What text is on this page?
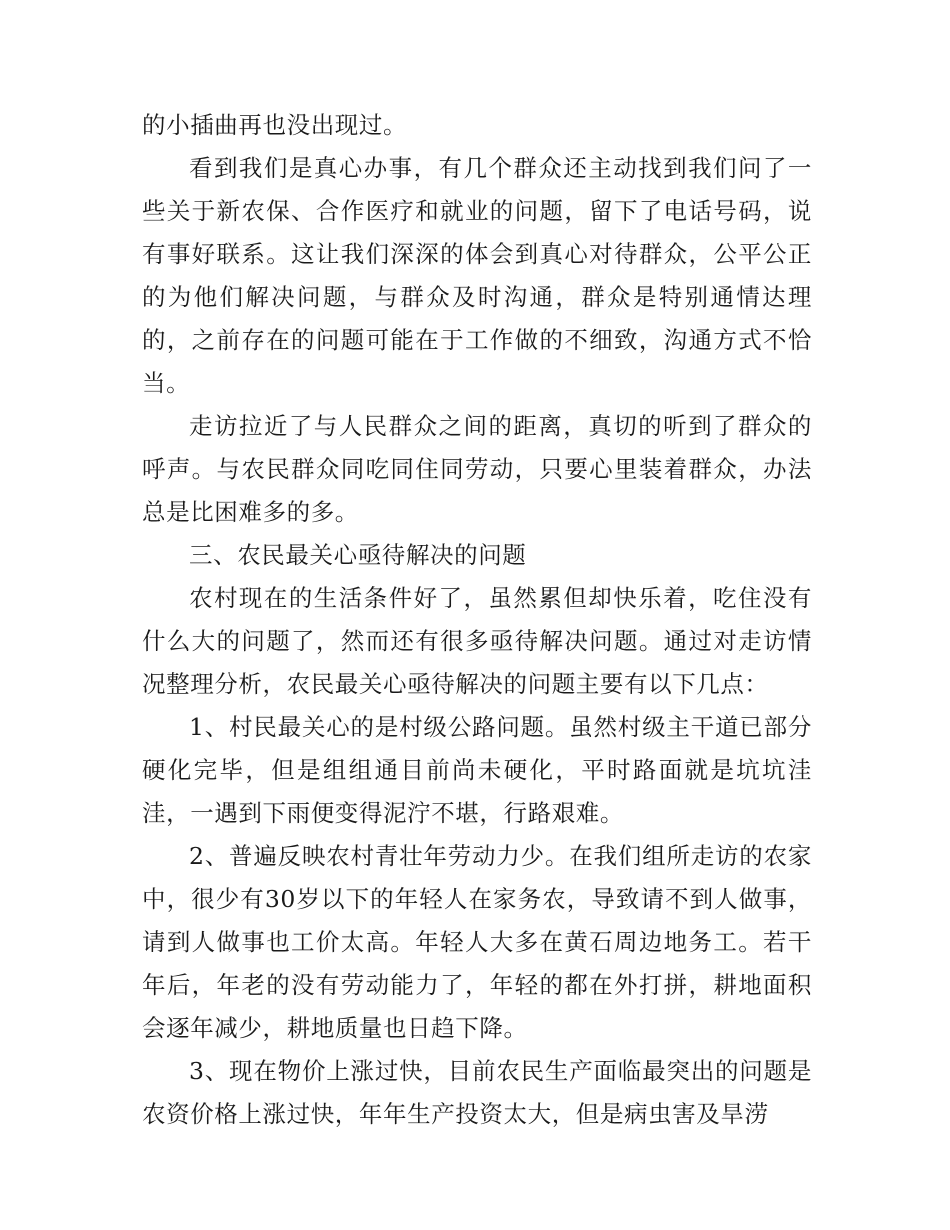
的小插曲再也没出现过。

看到我们是真心办事，有几个群众还主动找到我们问了一些关于新农保、合作医疗和就业的问题，留下了电话号码，说有事好联系。这让我们深深的体会到真心对待群众，公平公正的为他们解决问题，与群众及时沟通，群众是特别通情达理的，之前存在的问题可能在于工作做的不细致，沟通方式不恰当。

走访拉近了与人民群众之间的距离，真切的听到了群众的呼声。与农民群众同吃同住同劳动，只要心里装着群众，办法总是比困难多的多。

三、农民最关心亟待解决的问题

农村现在的生活条件好了，虽然累但却快乐着，吃住没有什么大的问题了，然而还有很多亟待解决问题。通过对走访情况整理分析，农民最关心亟待解决的问题主要有以下几点：

1、村民最关心的是村级公路问题。虽然村级主干道已部分硬化完毕，但是组组通目前尚未硬化，平时路面就是坑坑洼洼，一遇到下雨便变得泥泞不堪，行路艰难。

2、普遍反映农村青壮年劳动力少。在我们组所走访的农家中，很少有30岁以下的年轻人在家务农，导致请不到人做事，请到人做事也工价太高。年轻人大多在黄石周边地务工。若干年后，年老的没有劳动能力了，年轻的都在外打拼，耕地面积会逐年减少，耕地质量也日趋下降。

3、现在物价上涨过快，目前农民生产面临最突出的问题是农资价格上涨过快，年年生产投资太大，但是病虫害及旱涝
